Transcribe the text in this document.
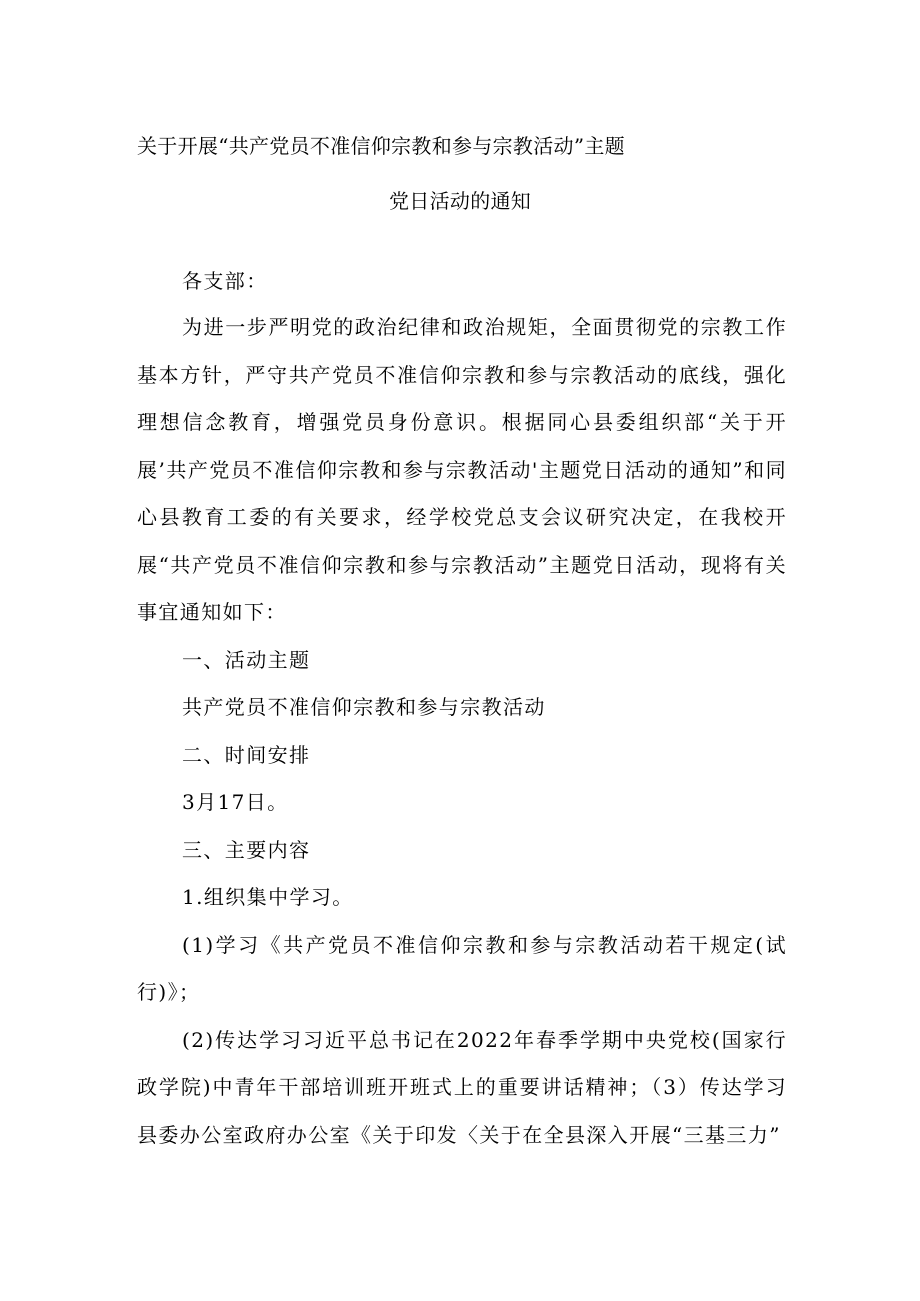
关于开展“共产党员不准信仰宗教和参与宗教活动”主题
党日活动的通知

各支部：

为进一步严明党的政治纪律和政治规矩，全面贯彻党的宗教工作基本方针，严守共产党员不准信仰宗教和参与宗教活动的底线，强化理想信念教育，增强党员身份意识。根据同心县委组织部“关于开展’共产党员不准信仰宗教和参与宗教活动'主题党日活动的通知”和同心县教育工委的有关要求，经学校党总支会议研究决定，在我校开展“共产党员不准信仰宗教和参与宗教活动”主题党日活动，现将有关事宜通知如下：

一、活动主题

共产党员不准信仰宗教和参与宗教活动

二、时间安排

3月17日。

三、主要内容

1.组织集中学习。

(1)学习《共产党员不准信仰宗教和参与宗教活动若干规定(试行)》；

(2)传达学习习近平总书记在2022年春季学期中央党校(国家行政学院)中青年干部培训班开班式上的重要讲话精神；（3）传达学习县委办公室政府办公室《关于印发〈关于在全县深入开展“三基三力”
